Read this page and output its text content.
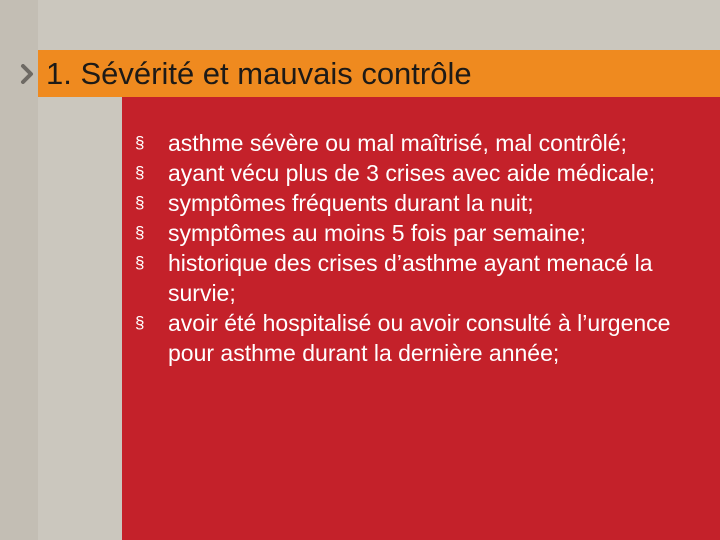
1. Sévérité et mauvais contrôle
§ asthme sévère ou mal maîtrisé, mal contrôlé;
§ ayant vécu plus de 3 crises avec aide médicale;
§ symptômes fréquents durant la nuit;
§ symptômes au moins 5 fois par semaine;
§ historique des crises d’asthme ayant menacé la survie;
§ avoir été hospitalisé ou avoir consulté à l’urgence pour asthme durant la dernière année;
